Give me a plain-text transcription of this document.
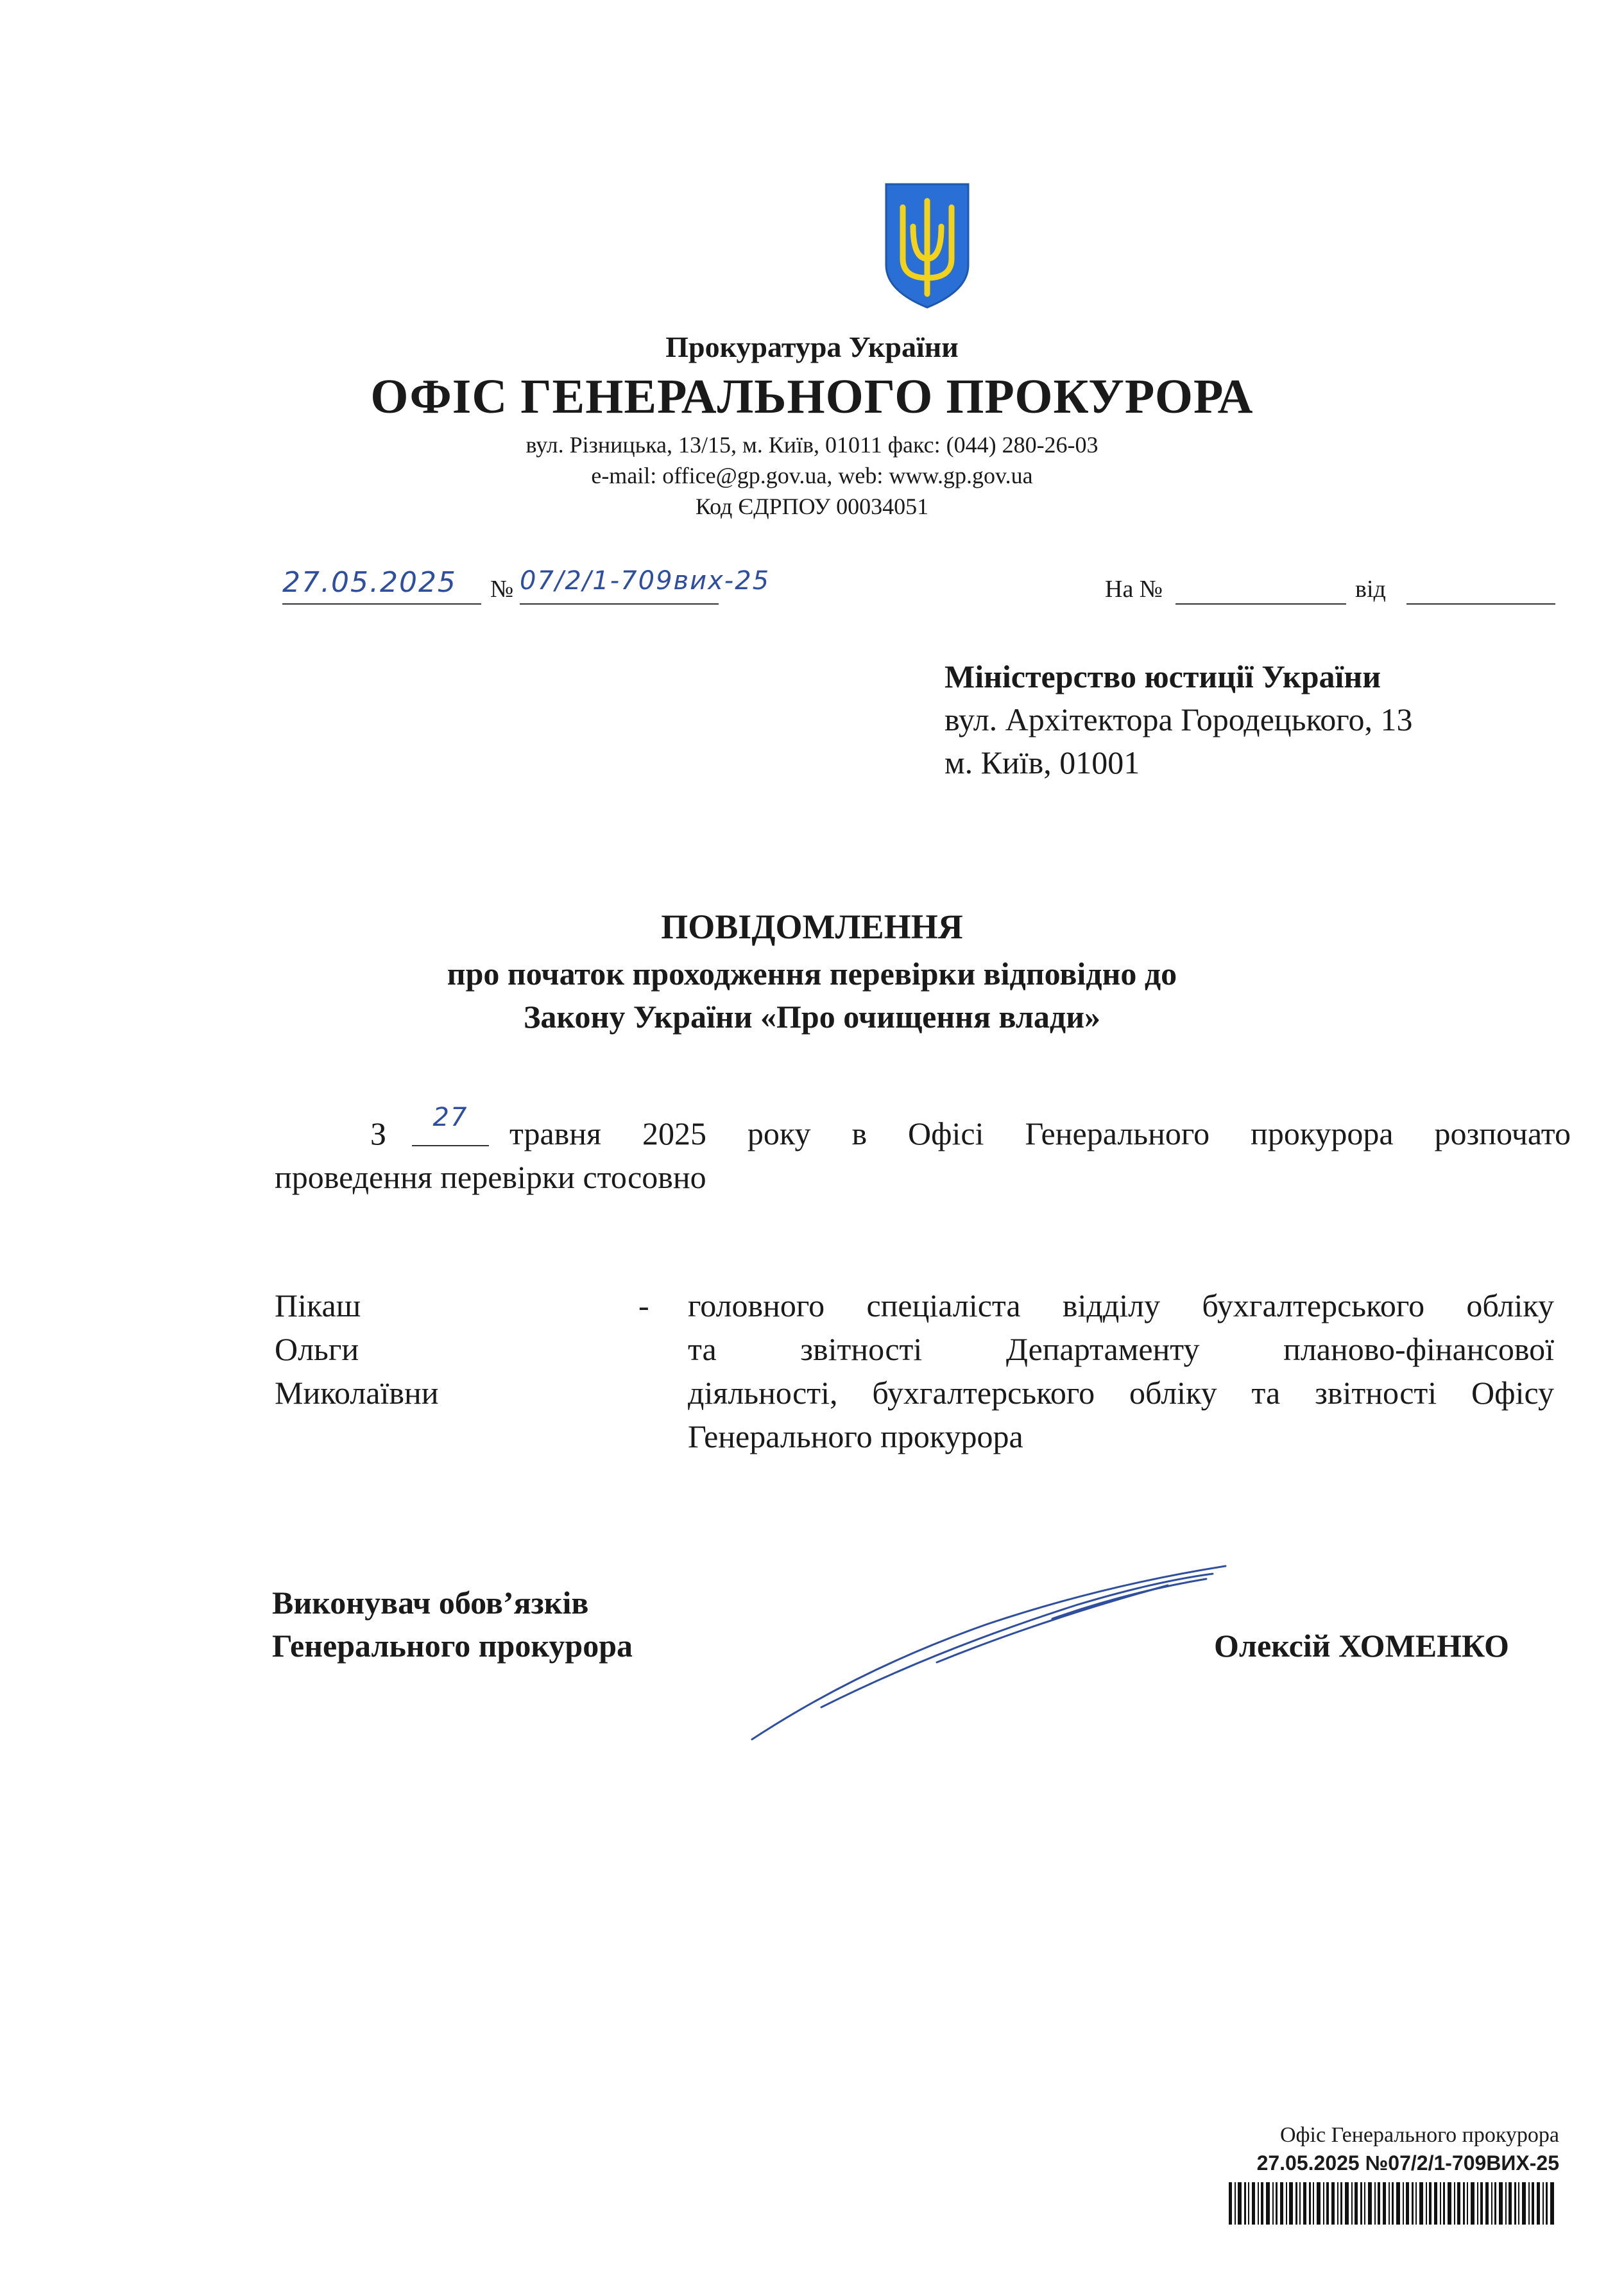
Прокуратура України
ОФІС ГЕНЕРАЛЬНОГО ПРОКУРОРА
вул. Різницька, 13/15, м. Київ, 01011 факс: (044) 280-26-03
e-mail: office@gp.gov.ua, web: www.gp.gov.ua
Код ЄДРПОУ 00034051
27.05.2025	№ 07/2/1-709вих-25	На №	від
Міністерство юстиції України
вул. Архітектора Городецького, 13
м. Київ, 01001
ПОВІДОМЛЕННЯ
про початок проходження перевірки відповідно до
Закону України «Про очищення влади»
З	27	травня 2025 року в Офісі Генерального прокурора розпочато
проведення перевірки стосовно
Пікаш
Ольги
Миколаївни
- головного спеціаліста відділу бухгалтерського обліку
та звітності Департаменту планово-фінансової
діяльності, бухгалтерського обліку та звітності Офісу
Генерального прокурора
Виконувач обов’язків
Генерального прокурора	Олексій ХОМЕНКО
Офіс Генерального прокурора
27.05.2025 №07/2/1-709ВИХ-25
